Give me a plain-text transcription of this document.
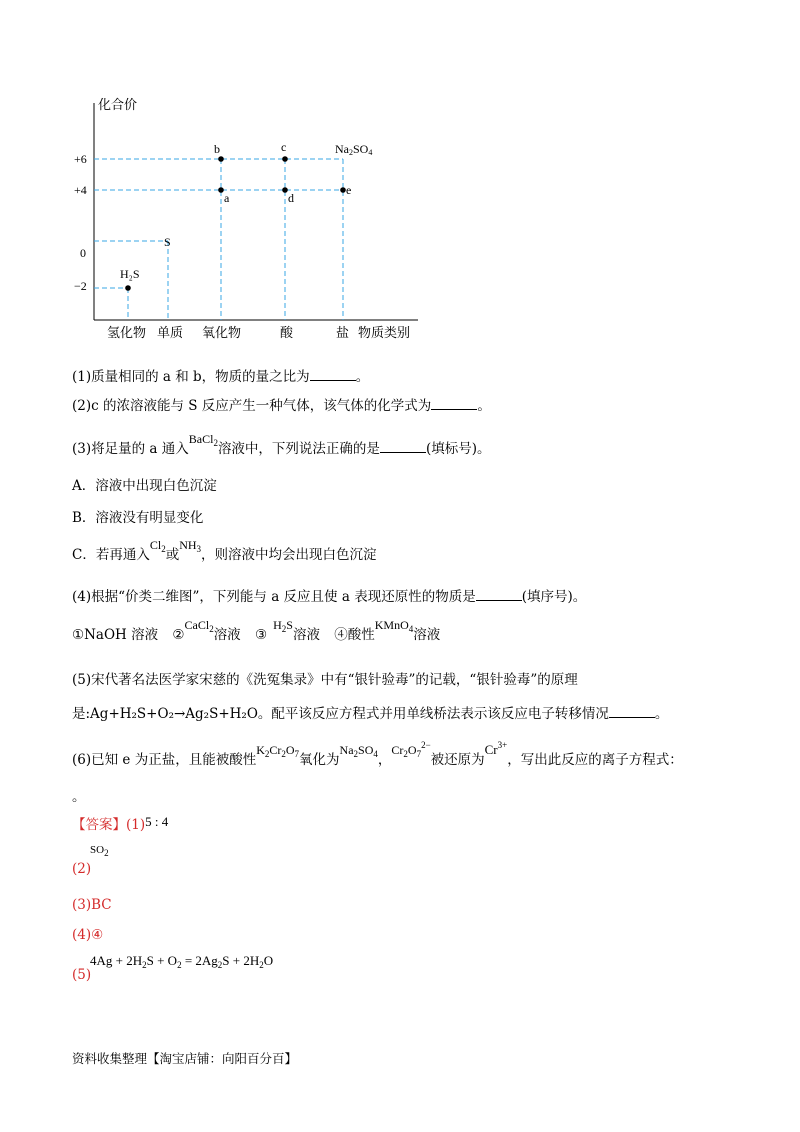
化合价
+6
+4
0
−2
氢化物 单质 氧化物	酸	盐 物质类别
H₂S
S
b
a
c
d
Na2SO4
e
(1)质量相同的 a 和 b，物质的量之比为	。
(2)c 的浓溶液能与 S 反应产生一种气体，该气体的化学式为	。
(3)将足量的 a 通入BaCl$_2$溶液中，下列说法正确的是	(填标号)。
A．溶液中出现白色沉淀
B．溶液没有明显变化
C．若再通入$Cl_2$或$NH_3$，则溶液中均会出现白色沉淀
(4)根据“价类二维图”，下列能与 a 反应且使 a 表现还原性的物质是	(填序号)。
①NaOH 溶液 ②CaCl$_2$溶液 $③H_2S$溶液 ④酸性KMnO$_4$溶液
(5)宋代著名法医学家宋慈的《洗冤集录》中有“银针验毒”的记载，“银针验毒”的原理
是:Ag+H₂S+O₂→Ag₂S+H₂O。配平该反应方程式并用单线桥法表示该反应电子转移情况	。
(6)已知 e 为正盐，且能被酸性$K_2Cr_2O_7$氧化为$Na_2SO_4$，$Cr_2O_7^{2-}$被还原为$Cr^{3+}$，写出此反应的离子方程式：
。
【答案】(1)5 : 4
$SO_2$
(2)
(3)BC
(4)④
$4Ag + 2H_2S + O_2 = 2Ag_2S + 2H_2O$
(5)
资料收集整理【淘宝店铺：向阳百分百】
